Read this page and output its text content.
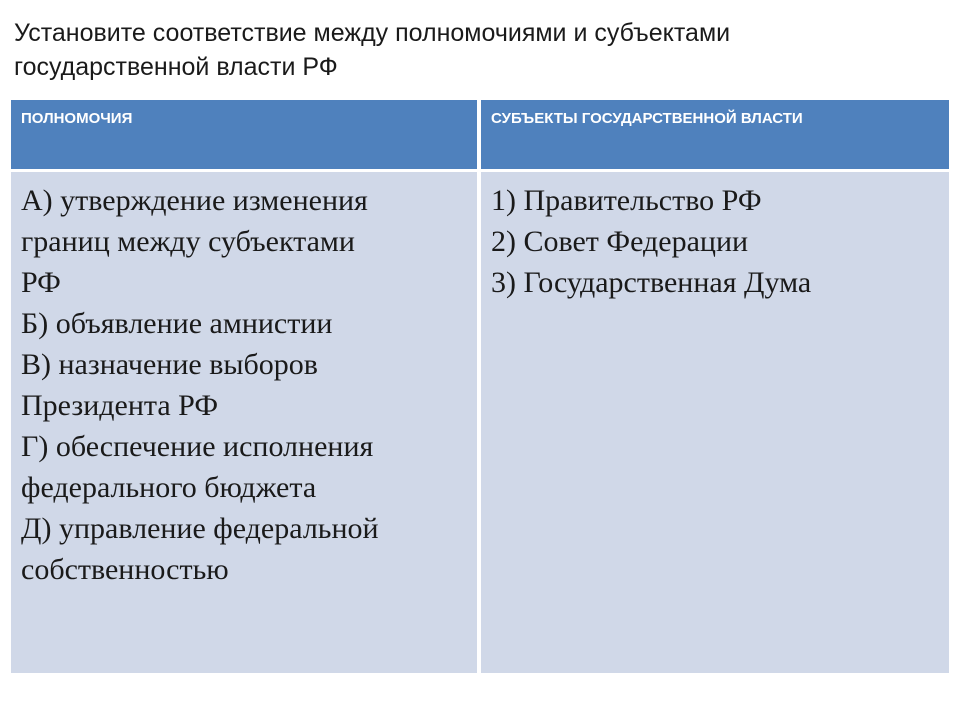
Установите соответствие между полномочиями и субъектами
государственной власти РФ
ПОЛНОМОЧИЯ	СУБЪЕКТЫ ГОСУДАРСТВЕННОЙ ВЛАСТИ
А) утверждение изменения
границ между субъектами
РФ
Б) объявление амнистии
В) назначение выборов
Президента РФ
Г) обеспечение исполнения
федерального бюджета
Д) управление федеральной
собственностью
1) Правительство РФ
2) Совет Федерации
3) Государственная Дума
